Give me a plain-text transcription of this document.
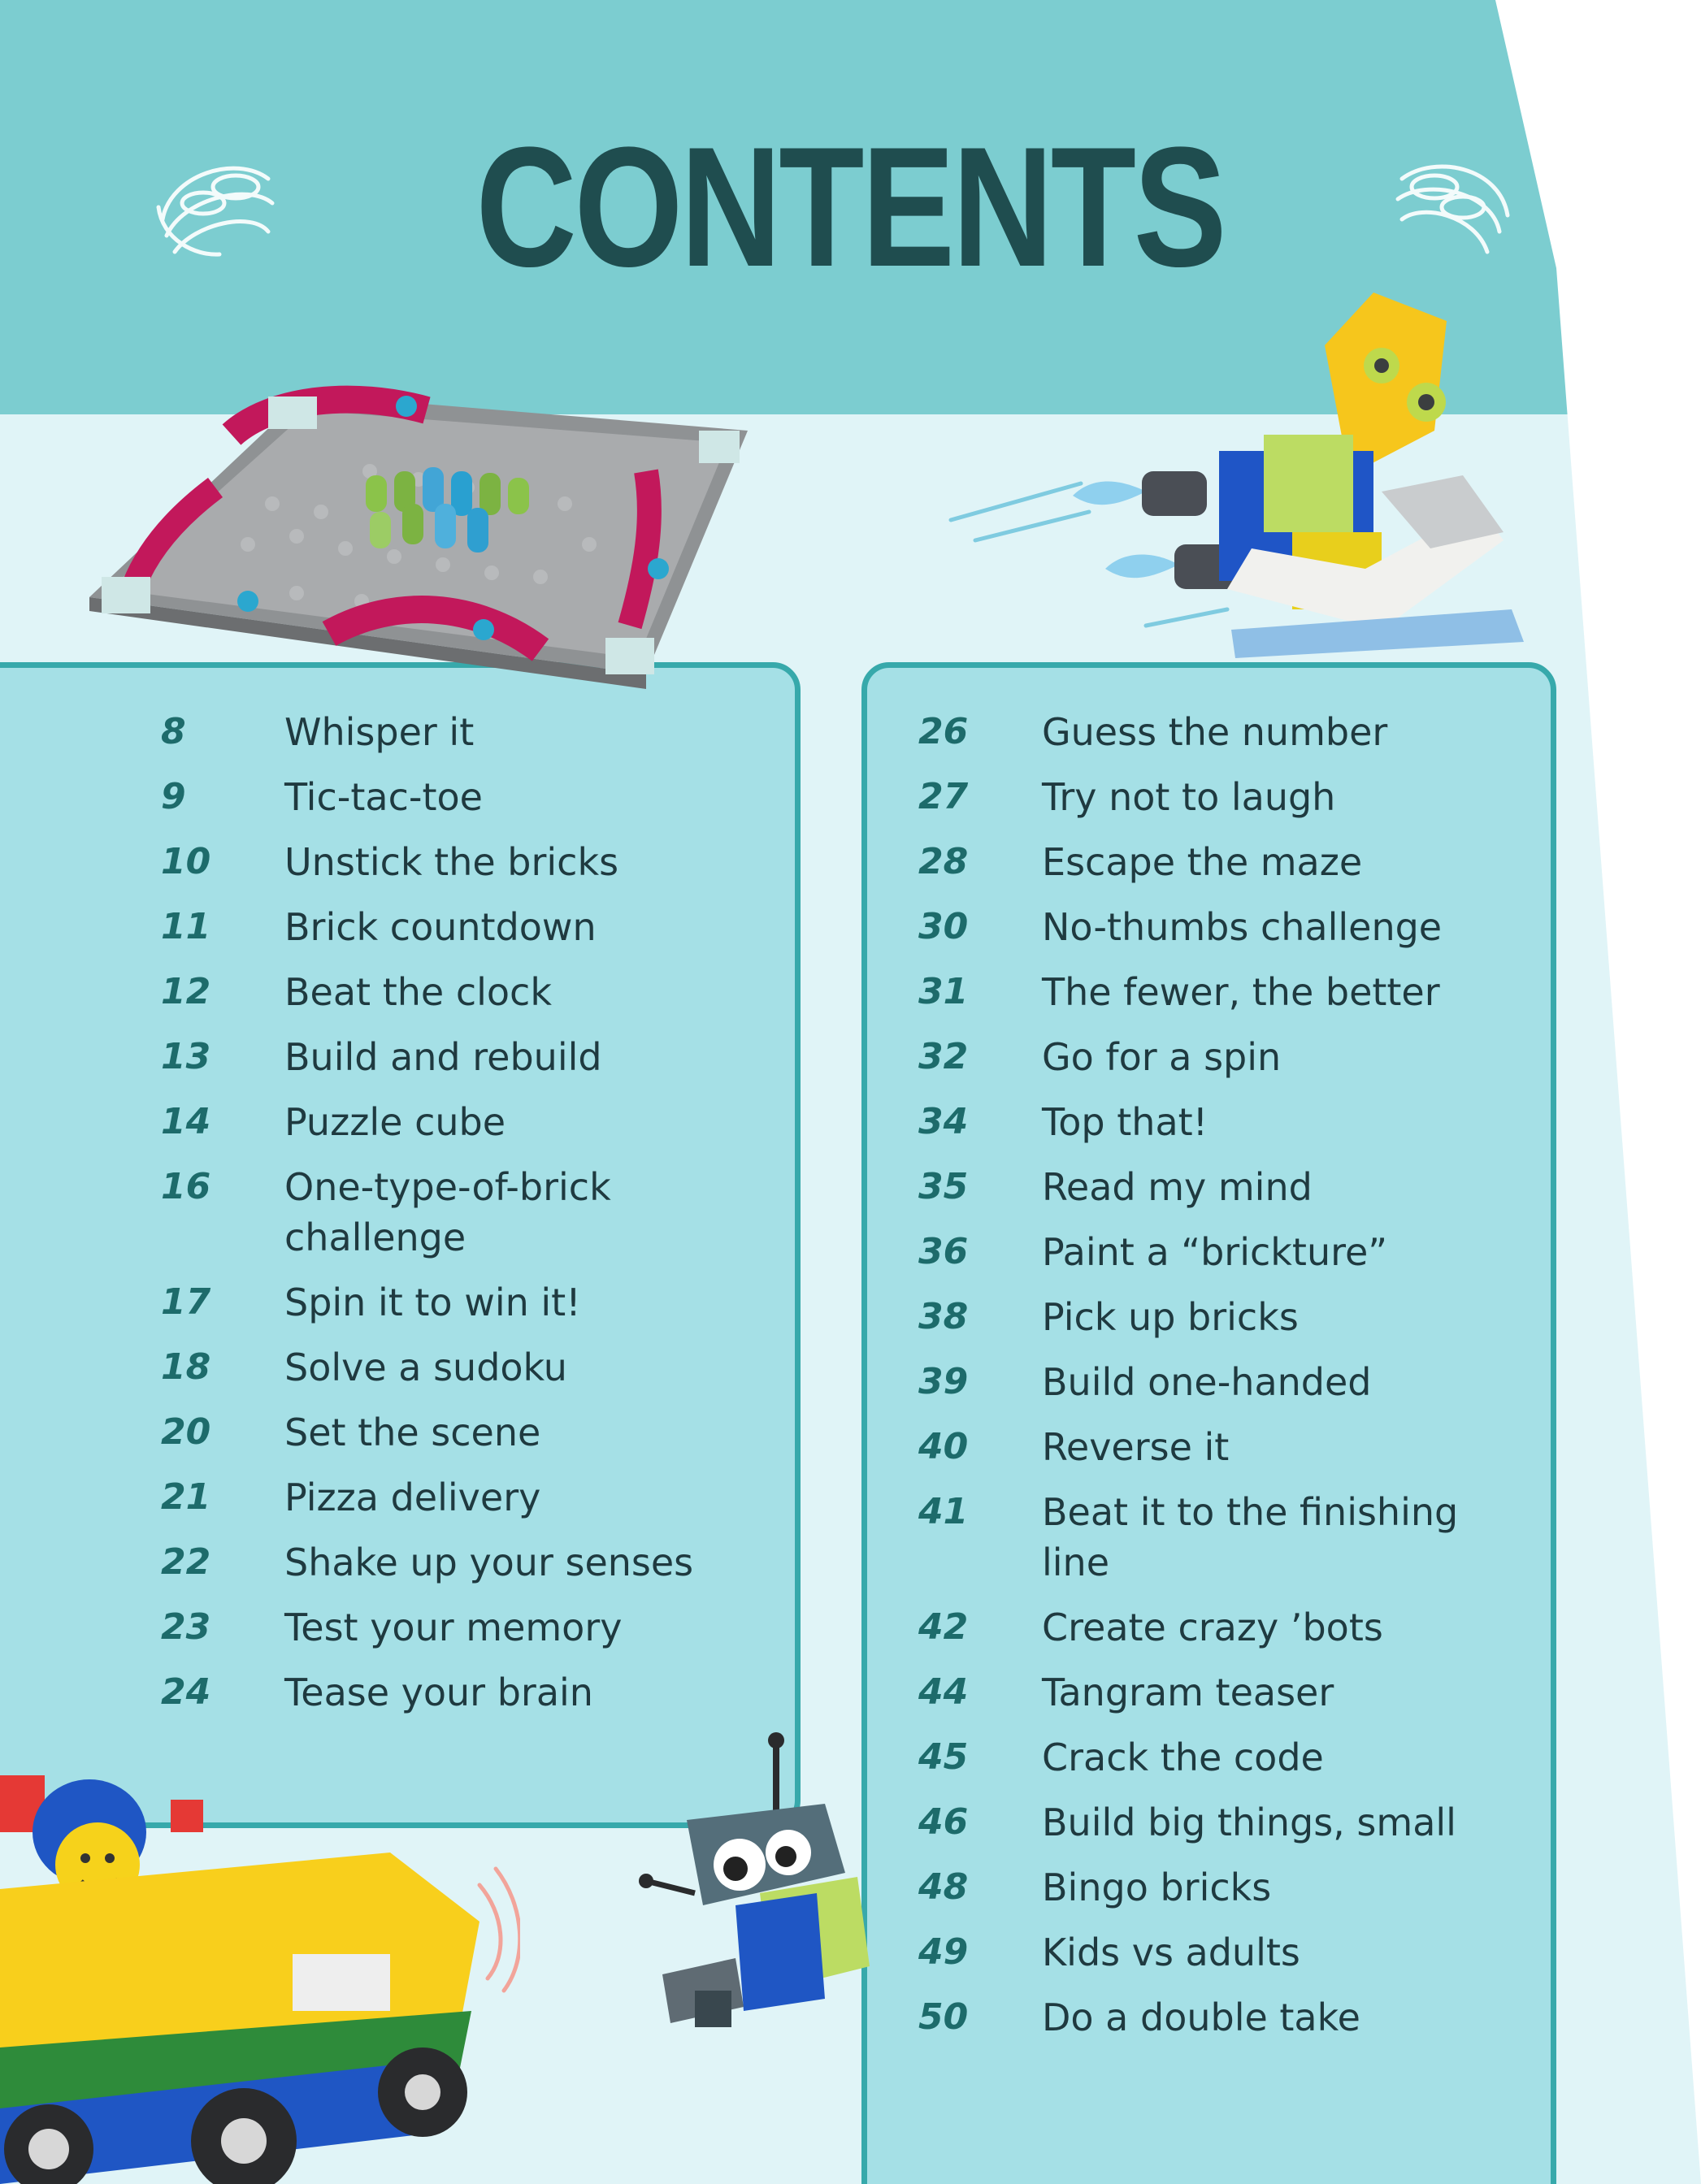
CONTENTS
8	Whisper it
9	Tic-tac-toe
10	Unstick the bricks
11	Brick countdown
12	Beat the clock
13	Build and rebuild
14	Puzzle cube
16	One-type-of-brick challenge
17	Spin it to win it!
18	Solve a sudoku
20	Set the scene
21	Pizza delivery
22	Shake up your senses
23	Test your memory
24	Tease your brain
26	Guess the number
27	Try not to laugh
28	Escape the maze
30	No-thumbs challenge
31	The fewer, the better
32	Go for a spin
34	Top that!
35	Read my mind
36	Paint a “brickture”
38	Pick up bricks
39	Build one-handed
40	Reverse it
41	Beat it to the finishing line
42	Create crazy ’bots
44	Tangram teaser
45	Crack the code
46	Build big things, small
48	Bingo bricks
49	Kids vs adults
50	Do a double take
